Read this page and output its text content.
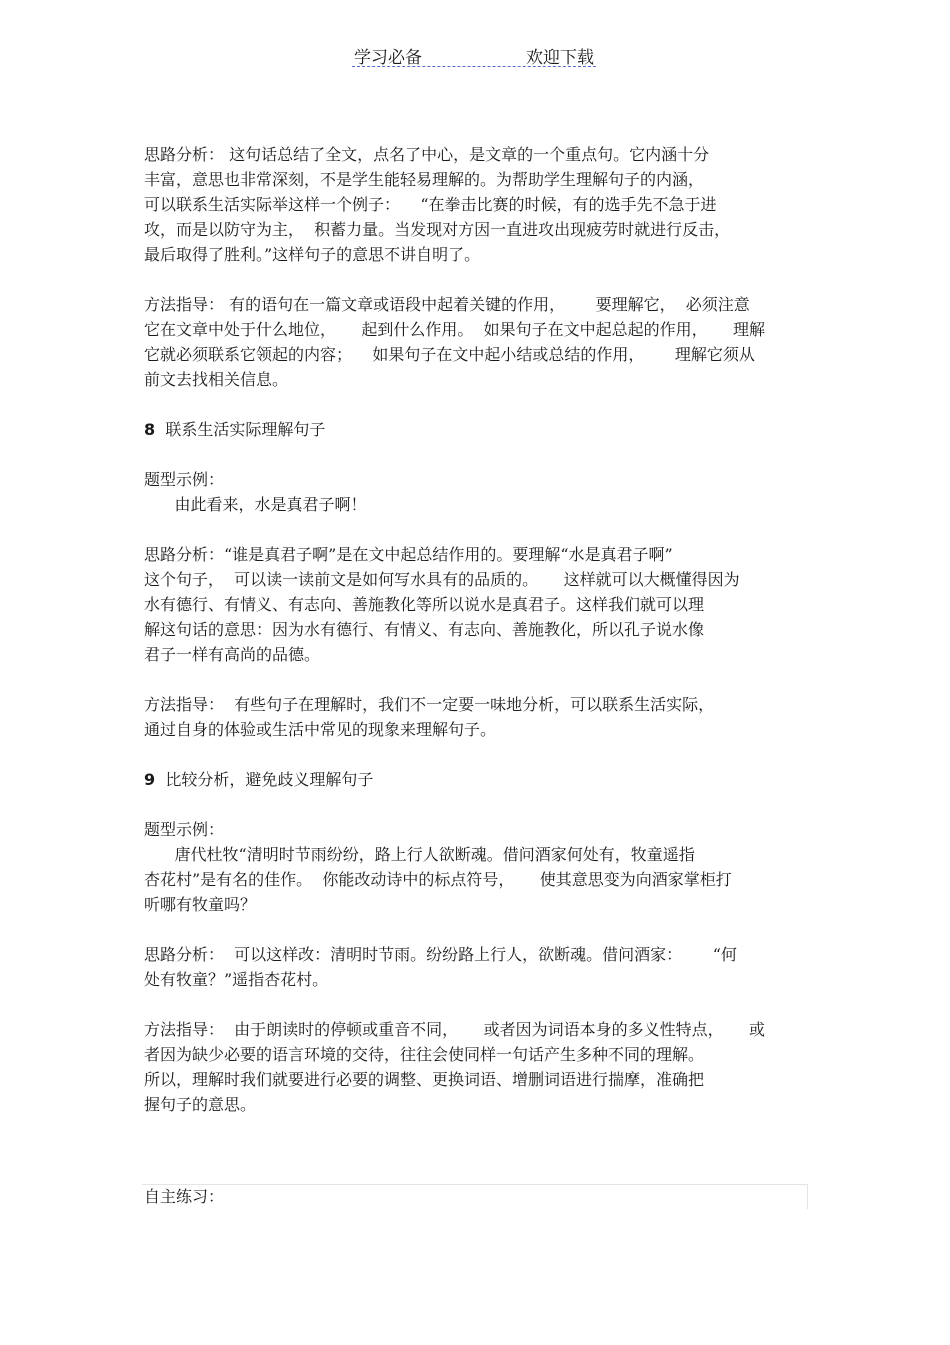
学习必备	欢迎下载
思路分析： 这句话总结了全文，点名了中心，是文章的一个重点句。它内涵十分
丰富，意思也非常深刻，不是学生能轻易理解的。为帮助学生理解句子的内涵，
可以联系生活实际举这样一个例子：    “在拳击比赛的时候，有的选手先不急于进
攻，而是以防守为主，  积蓄力量。当发现对方因一直进攻出现疲劳时就进行反击，
最后取得了胜利。”这样句子的意思不讲自明了。
方法指导： 有的语句在一篇文章或语段中起着关键的作用，      要理解它，  必须注意
它在文章中处于什么地位，     起到什么作用。  如果句子在文中起总起的作用，     理解
它就必须联系它领起的内容；    如果句子在文中起小结或总结的作用，      理解它须从
前文去找相关信息。
8  联系生活实际理解句子
题型示例：
由此看来，水是真君子啊！
思路分析：“谁是真君子啊”是在文中起总结作用的。要理解“水是真君子啊”
这个句子，  可以读一读前文是如何写水具有的品质的。     这样就可以大概懂得因为
水有德行、有情义、有志向、善施教化等所以说水是真君子。这样我们就可以理
解这句话的意思：因为水有德行、有情义、有志向、善施教化，所以孔子说水像
君子一样有高尚的品德。
方法指导：  有些句子在理解时，我们不一定要一味地分析，可以联系生活实际，
通过自身的体验或生活中常见的现象来理解句子。
9  比较分析，避免歧义理解句子
题型示例：
唐代杜牧“清明时节雨纷纷，路上行人欲断魂。借问酒家何处有，牧童遥指
杏花村”是有名的佳作。  你能改动诗中的标点符号，     使其意思变为向酒家掌柜打
听哪有牧童吗？
思路分析：  可以这样改：清明时节雨。纷纷路上行人，欲断魂。借问酒家：      “何
处有牧童？”遥指杏花村。
方法指导：  由于朗读时的停顿或重音不同，     或者因为词语本身的多义性特点，     或
者因为缺少必要的语言环境的交待，往往会使同样一句话产生多种不同的理解。
所以，理解时我们就要进行必要的调整、更换词语、增删词语进行揣摩，准确把
握句子的意思。
自主练习：
